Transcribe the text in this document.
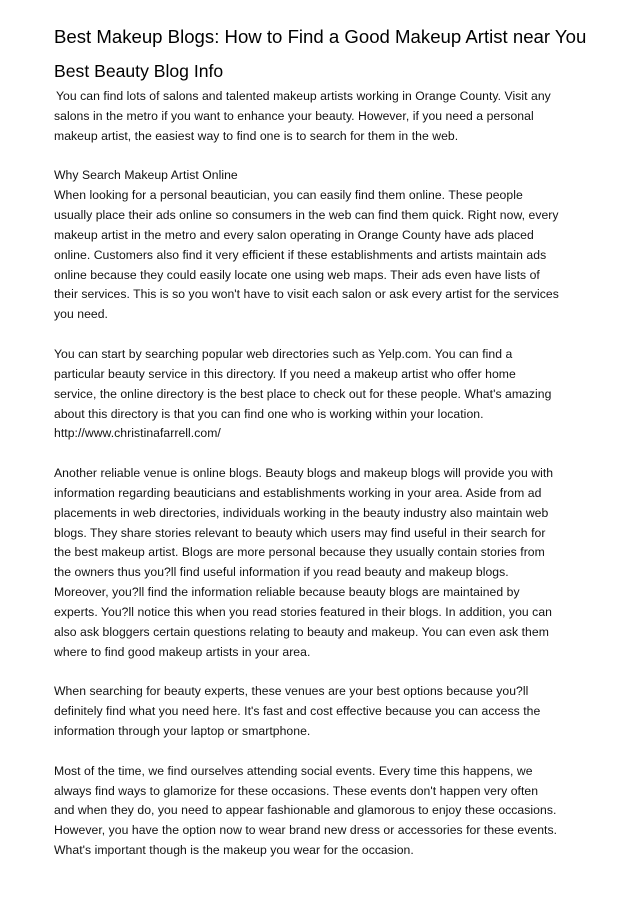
Best Makeup Blogs: How to Find a Good Makeup Artist near You
Best Beauty Blog Info

You can find lots of salons and talented makeup artists working in Orange County. Visit any
salons in the metro if you want to enhance your beauty. However, if you need a personal
makeup artist, the easiest way to find one is to search for them in the web.

Why Search Makeup Artist Online
When looking for a personal beautician, you can easily find them online. These people
usually place their ads online so consumers in the web can find them quick. Right now, every
makeup artist in the metro and every salon operating in Orange County have ads placed
online. Customers also find it very efficient if these establishments and artists maintain ads
online because they could easily locate one using web maps. Their ads even have lists of
their services. This is so you won't have to visit each salon or ask every artist for the services
you need.

You can start by searching popular web directories such as Yelp.com. You can find a
particular beauty service in this directory. If you need a makeup artist who offer home
service, the online directory is the best place to check out for these people. What's amazing
about this directory is that you can find one who is working within your location.
http://www.christinafarrell.com/

Another reliable venue is online blogs. Beauty blogs and makeup blogs will provide you with
information regarding beauticians and establishments working in your area. Aside from ad
placements in web directories, individuals working in the beauty industry also maintain web
blogs. They share stories relevant to beauty which users may find useful in their search for
the best makeup artist. Blogs are more personal because they usually contain stories from
the owners thus you?ll find useful information if you read beauty and makeup blogs.
Moreover, you?ll find the information reliable because beauty blogs are maintained by
experts. You?ll notice this when you read stories featured in their blogs. In addition, you can
also ask bloggers certain questions relating to beauty and makeup. You can even ask them
where to find good makeup artists in your area.

When searching for beauty experts, these venues are your best options because you?ll
definitely find what you need here. It's fast and cost effective because you can access the
information through your laptop or smartphone.

Most of the time, we find ourselves attending social events. Every time this happens, we
always find ways to glamorize for these occasions. These events don't happen very often
and when they do, you need to appear fashionable and glamorous to enjoy these occasions.
However, you have the option now to wear brand new dress or accessories for these events.
What's important though is the makeup you wear for the occasion.
